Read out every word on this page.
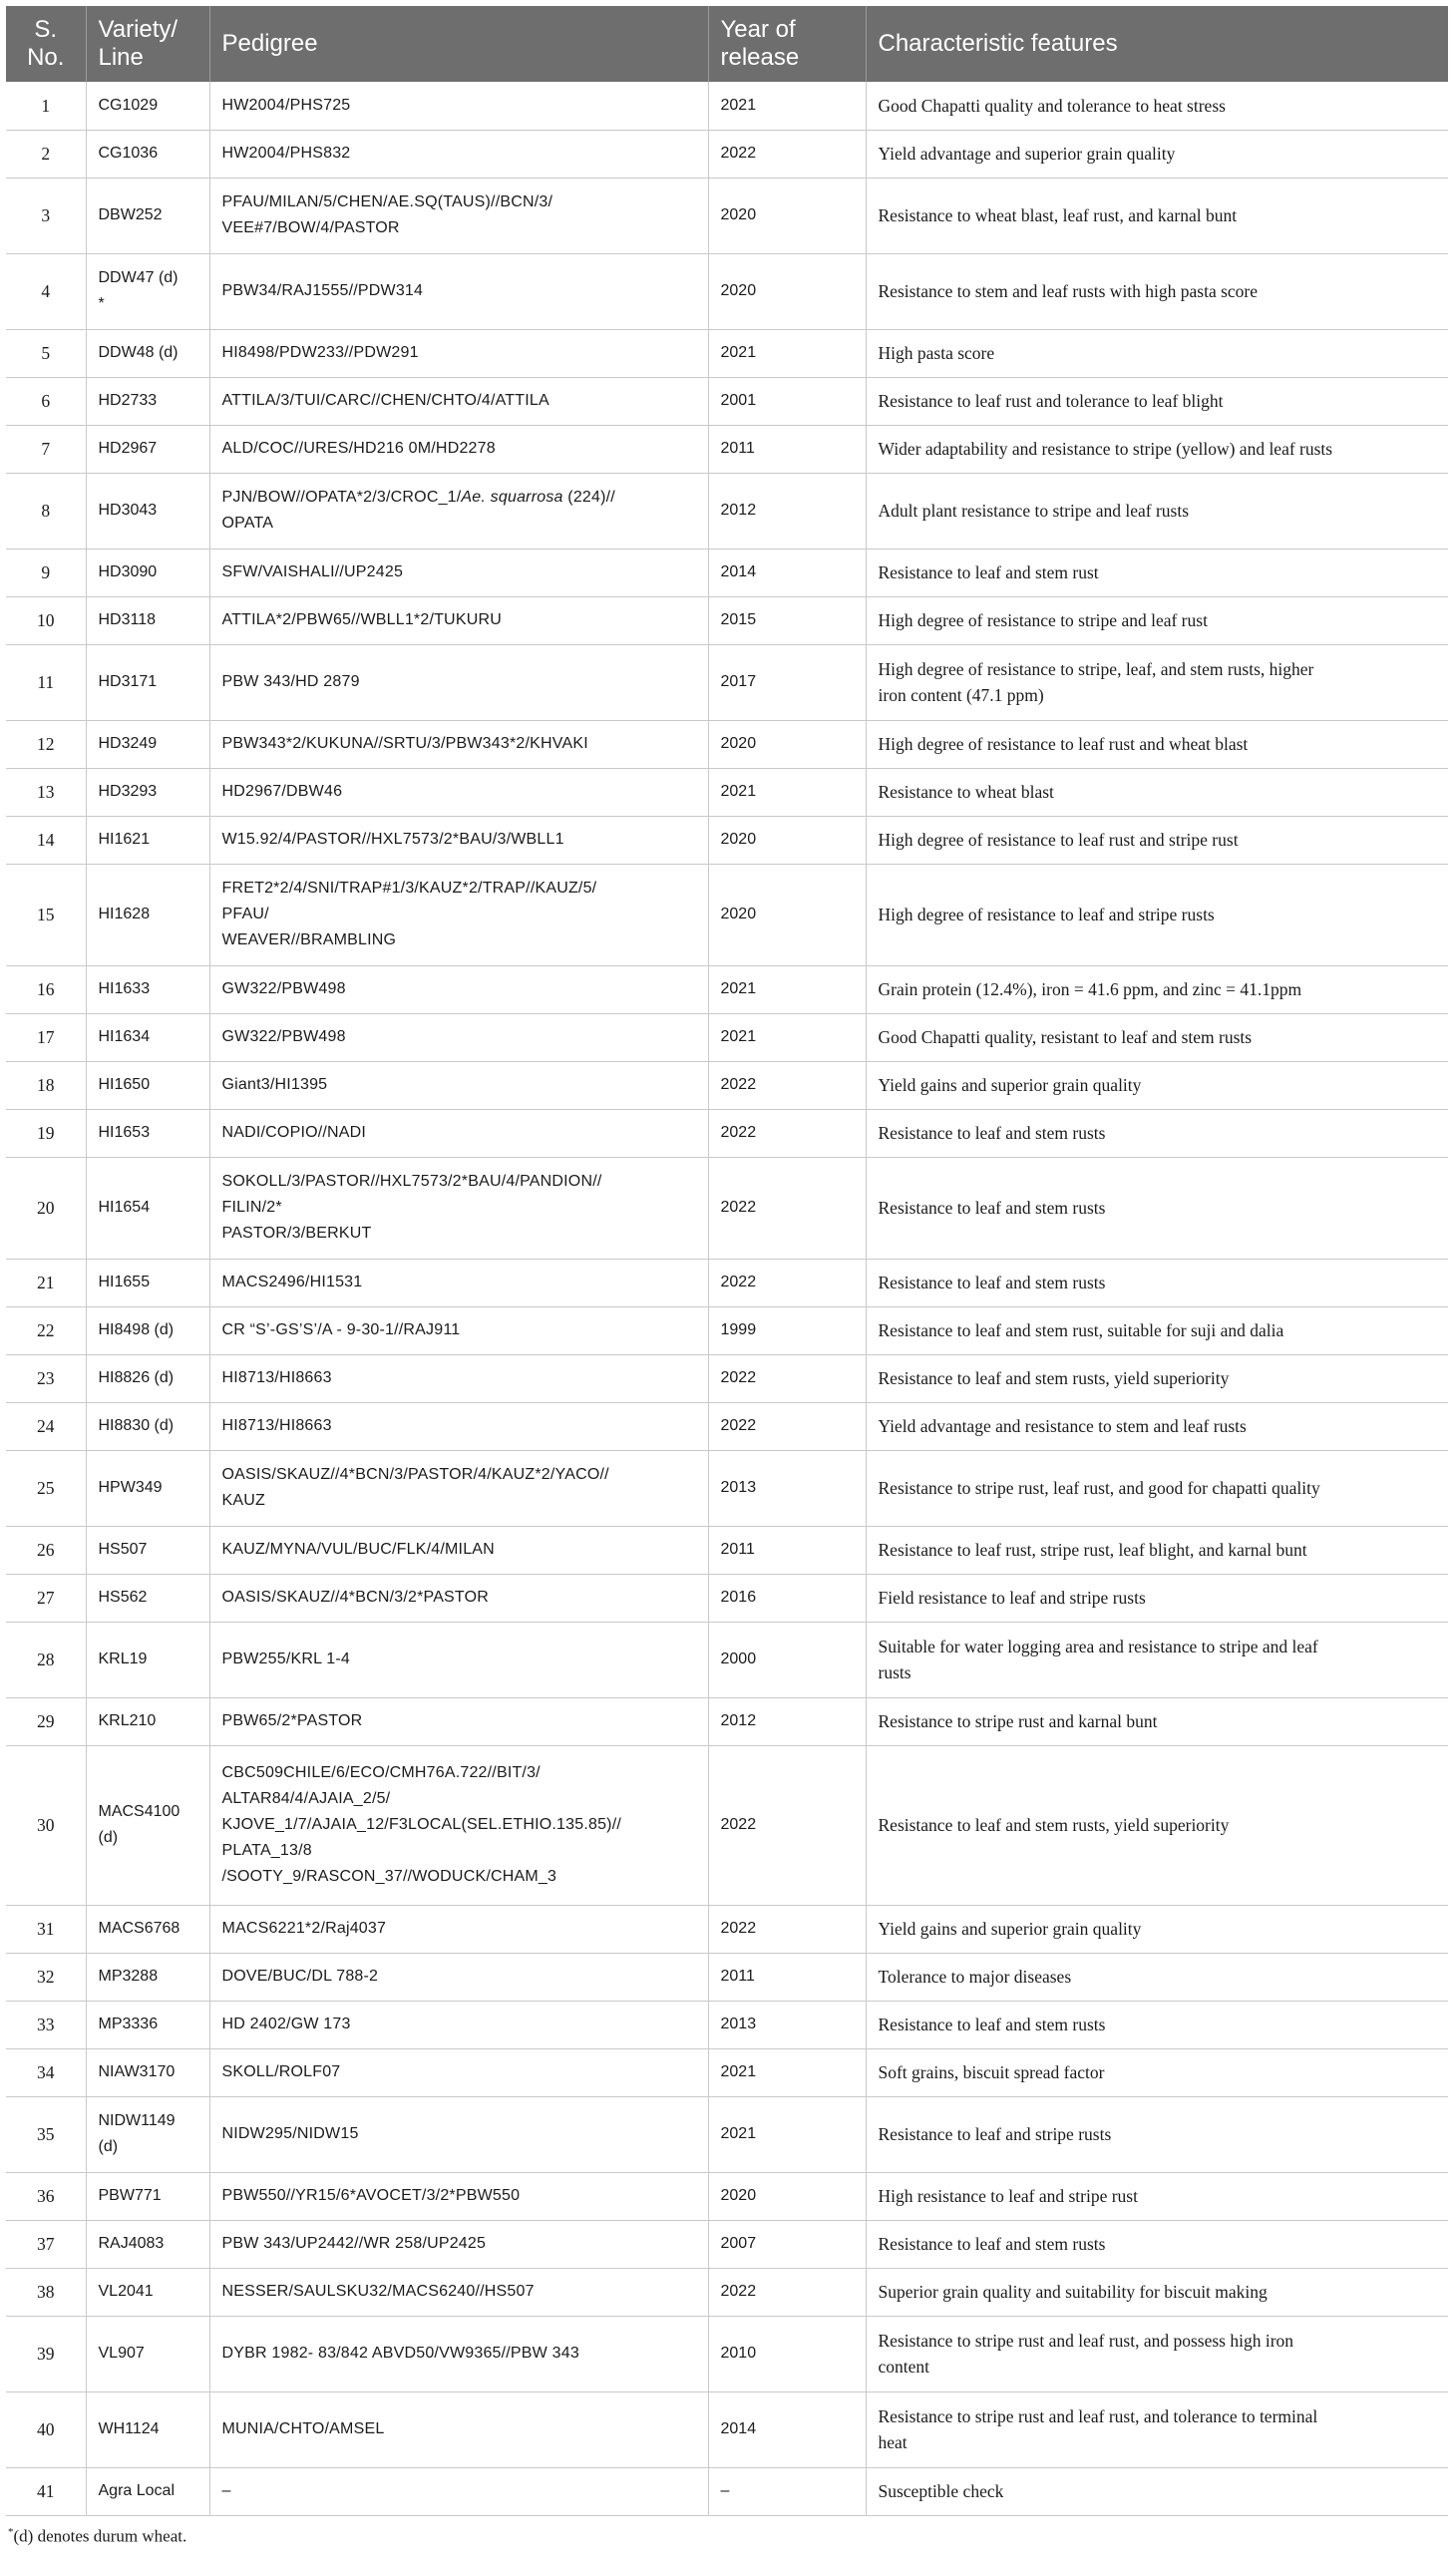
S.
No.	Variety/
Line	Pedigree	Year of
release	Characteristic features
1	CG1029	HW2004/PHS725	2021	Good Chapatti quality and tolerance to heat stress
2	CG1036	HW2004/PHS832	2022	Yield advantage and superior grain quality
3	DBW252	PFAU/MILAN/5/CHEN/AE.SQ(TAUS)//BCN/3/
VEE#7/BOW/4/PASTOR	2020	Resistance to wheat blast, leaf rust, and karnal bunt
4	DDW47 (d)
*	PBW34/RAJ1555//PDW314	2020	Resistance to stem and leaf rusts with high pasta score
5	DDW48 (d)	HI8498/PDW233//PDW291	2021	High pasta score
6	HD2733	ATTILA/3/TUI/CARC//CHEN/CHTO/4/ATTILA	2001	Resistance to leaf rust and tolerance to leaf blight
7	HD2967	ALD/COC//URES/HD216 0M/HD2278	2011	Wider adaptability and resistance to stripe (yellow) and leaf rusts
8	HD3043	PJN/BOW//OPATA*2/3/CROC_1/Ae. squarrosa (224)//
OPATA	2012	Adult plant resistance to stripe and leaf rusts
9	HD3090	SFW/VAISHALI//UP2425	2014	Resistance to leaf and stem rust
10	HD3118	ATTILA*2/PBW65//WBLL1*2/TUKURU	2015	High degree of resistance to stripe and leaf rust
11	HD3171	PBW 343/HD 2879	2017	High degree of resistance to stripe, leaf, and stem rusts, higher
iron content (47.1 ppm)
12	HD3249	PBW343*2/KUKUNA//SRTU/3/PBW343*2/KHVAKI	2020	High degree of resistance to leaf rust and wheat blast
13	HD3293	HD2967/DBW46	2021	Resistance to wheat blast
14	HI1621	W15.92/4/PASTOR//HXL7573/2*BAU/3/WBLL1	2020	High degree of resistance to leaf rust and stripe rust
15	HI1628	FRET2*2/4/SNI/TRAP#1/3/KAUZ*2/TRAP//KAUZ/5/
PFAU/
WEAVER//BRAMBLING	2020	High degree of resistance to leaf and stripe rusts
16	HI1633	GW322/PBW498	2021	Grain protein (12.4%), iron = 41.6 ppm, and zinc = 41.1ppm
17	HI1634	GW322/PBW498	2021	Good Chapatti quality, resistant to leaf and stem rusts
18	HI1650	Giant3/HI1395	2022	Yield gains and superior grain quality
19	HI1653	NADI/COPIO//NADI	2022	Resistance to leaf and stem rusts
20	HI1654	SOKOLL/3/PASTOR//HXL7573/2*BAU/4/PANDION//
FILIN/2*
PASTOR/3/BERKUT	2022	Resistance to leaf and stem rusts
21	HI1655	MACS2496/HI1531	2022	Resistance to leaf and stem rusts
22	HI8498 (d)	CR “S’-GS’S’/A - 9-30-1//RAJ911	1999	Resistance to leaf and stem rust, suitable for suji and dalia
23	HI8826 (d)	HI8713/HI8663	2022	Resistance to leaf and stem rusts, yield superiority
24	HI8830 (d)	HI8713/HI8663	2022	Yield advantage and resistance to stem and leaf rusts
25	HPW349	OASIS/SKAUZ//4*BCN/3/PASTOR/4/KAUZ*2/YACO//
KAUZ	2013	Resistance to stripe rust, leaf rust, and good for chapatti quality
26	HS507	KAUZ/MYNA/VUL/BUC/FLK/4/MILAN	2011	Resistance to leaf rust, stripe rust, leaf blight, and karnal bunt
27	HS562	OASIS/SKAUZ//4*BCN/3/2*PASTOR	2016	Field resistance to leaf and stripe rusts
28	KRL19	PBW255/KRL 1-4	2000	Suitable for water logging area and resistance to stripe and leaf
rusts
29	KRL210	PBW65/2*PASTOR	2012	Resistance to stripe rust and karnal bunt
30	MACS4100
(d)	CBC509CHILE/6/ECO/CMH76A.722//BIT/3/
ALTAR84/4/AJAIA_2/5/
KJOVE_1/7/AJAIA_12/F3LOCAL(SEL.ETHIO.135.85)//
PLATA_13/8
/SOOTY_9/RASCON_37//WODUCK/CHAM_3	2022	Resistance to leaf and stem rusts, yield superiority
31	MACS6768	MACS6221*2/Raj4037	2022	Yield gains and superior grain quality
32	MP3288	DOVE/BUC/DL 788-2	2011	Tolerance to major diseases
33	MP3336	HD 2402/GW 173	2013	Resistance to leaf and stem rusts
34	NIAW3170	SKOLL/ROLF07	2021	Soft grains, biscuit spread factor
35	NIDW1149
(d)	NIDW295/NIDW15	2021	Resistance to leaf and stripe rusts
36	PBW771	PBW550//YR15/6*AVOCET/3/2*PBW550	2020	High resistance to leaf and stripe rust
37	RAJ4083	PBW 343/UP2442//WR 258/UP2425	2007	Resistance to leaf and stem rusts
38	VL2041	NESSER/SAULSKU32/MACS6240//HS507	2022	Superior grain quality and suitability for biscuit making
39	VL907	DYBR 1982- 83/842 ABVD50/VW9365//PBW 343	2010	Resistance to stripe rust and leaf rust, and possess high iron
content
40	WH1124	MUNIA/CHTO/AMSEL	2014	Resistance to stripe rust and leaf rust, and tolerance to terminal
heat
41	Agra Local	–	–	Susceptible check
*(d) denotes durum wheat.
